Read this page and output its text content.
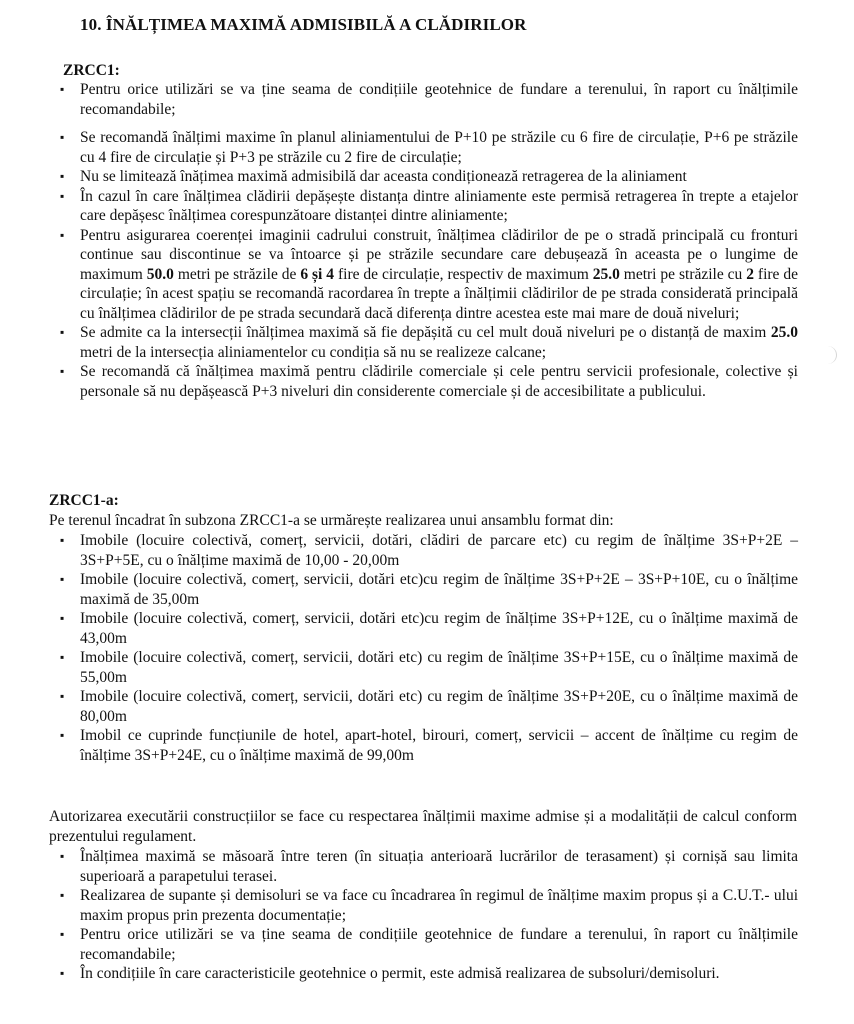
10. ÎNĂLȚIMEA MAXIMĂ ADMISIBILĂ A CLĂDIRILOR
ZRCC1:
▪	Pentru orice utilizări se va ține seama de condițiile geotehnice de fundare a terenului, în raport cu înălțimile recomandabile;
▪	Se recomandă înălțimi maxime în planul aliniamentului de P+10 pe străzile cu 6 fire de circulație, P+6 pe străzile cu 4 fire de circulație și P+3 pe străzile cu 2 fire de circulație;
▪	Nu se limitează înățimea maximă admisibilă dar aceasta condiționează retragerea de la aliniament
▪	În cazul în care înălțimea clădirii depășește distanța dintre aliniamente este permisă retragerea în trepte a etajelor care depășesc înălțimea corespunzătoare distanței dintre aliniamente;
▪	Pentru asigurarea coerenței imaginii cadrului construit, înălțimea clădirilor de pe o stradă principală cu fronturi continue sau discontinue se va întoarce și pe străzile secundare care debușează în aceasta pe o lungime de maximum 50.0 metri pe străzile de 6 și 4 fire de circulație, respectiv de maximum 25.0 metri pe străzile cu 2 fire de circulație; în acest spațiu se recomandă racordarea în trepte a înălțimii clădirilor de pe strada considerată principală cu înălțimea clădirilor de pe strada secundară dacă diferența dintre acestea este mai mare de două niveluri;
▪	Se admite ca la intersecții înălțimea maximă să fie depășită cu cel mult două niveluri pe o distanță de maxim 25.0 metri de la intersecția aliniamentelor cu condiția să nu se realizeze calcane;
▪	Se recomandă că înălțimea maximă pentru clădirile comerciale și cele pentru servicii profesionale, colective și personale să nu depășească P+3 niveluri din considerente comerciale și de accesibilitate a publicului.
ZRCC1-a:
Pe terenul încadrat în subzona ZRCC1-a se urmărește realizarea unui ansamblu format din:
▪	Imobile (locuire colectivă, comerț, servicii, dotări, clădiri de parcare etc) cu regim de înălțime 3S+P+2E – 3S+P+5E, cu o înălțime maximă de 10,00 - 20,00m
▪	Imobile (locuire colectivă, comerț, servicii, dotări etc)cu regim de înălțime 3S+P+2E – 3S+P+10E, cu o înălțime maximă de 35,00m
▪	Imobile (locuire colectivă, comerț, servicii, dotări etc)cu regim de înălțime 3S+P+12E, cu o înălțime maximă de 43,00m
▪	Imobile (locuire colectivă, comerț, servicii, dotări etc) cu regim de înălțime 3S+P+15E, cu o înălțime maximă de 55,00m
▪	Imobile (locuire colectivă, comerț, servicii, dotări etc) cu regim de înălțime 3S+P+20E, cu o înălțime maximă de 80,00m
▪	Imobil ce cuprinde funcțiunile de hotel, apart-hotel, birouri, comerț, servicii – accent de înălțime cu regim de înălțime 3S+P+24E, cu o înălțime maximă de 99,00m
Autorizarea executării construcțiilor se face cu respectarea înălțimii maxime admise și a modalității de calcul conform prezentului regulament.
▪	Înălțimea maximă se măsoară între teren (în situația anterioară lucrărilor de terasament) și cornișă sau limita superioară a parapetului terasei.
▪	Realizarea de supante și demisoluri se va face cu încadrarea în regimul de înălțime maxim propus și a C.U.T.- ului maxim propus prin prezenta documentație;
▪	Pentru orice utilizări se va ține seama de condițiile geotehnice de fundare a terenului, în raport cu înălțimile recomandabile;
▪	În condițiile în care caracteristicile geotehnice o permit, este admisă realizarea de subsoluri/demisoluri.
